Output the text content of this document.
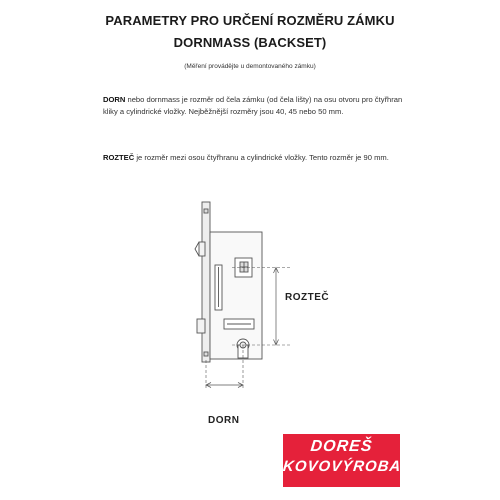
PARAMETRY PRO URČENÍ ROZMĚRU ZÁMKU
DORNMASS (BACKSET)
(Měření provádějte u demontovaného zámku)
DORN nebo dornmass je rozměr od čela zámku (od čela lišty) na osu otvoru pro čtyřhran kliky a cylindrické vložky. Nejběžnější rozměry jsou 40, 45 nebo 50 mm.
ROZTEČ je rozměr mezi osou čtyřhranu a cylindrické vložky. Tento rozměr je 90 mm.
ROZTEČ
DORN
DOREŠ
KOVOVÝROBA
